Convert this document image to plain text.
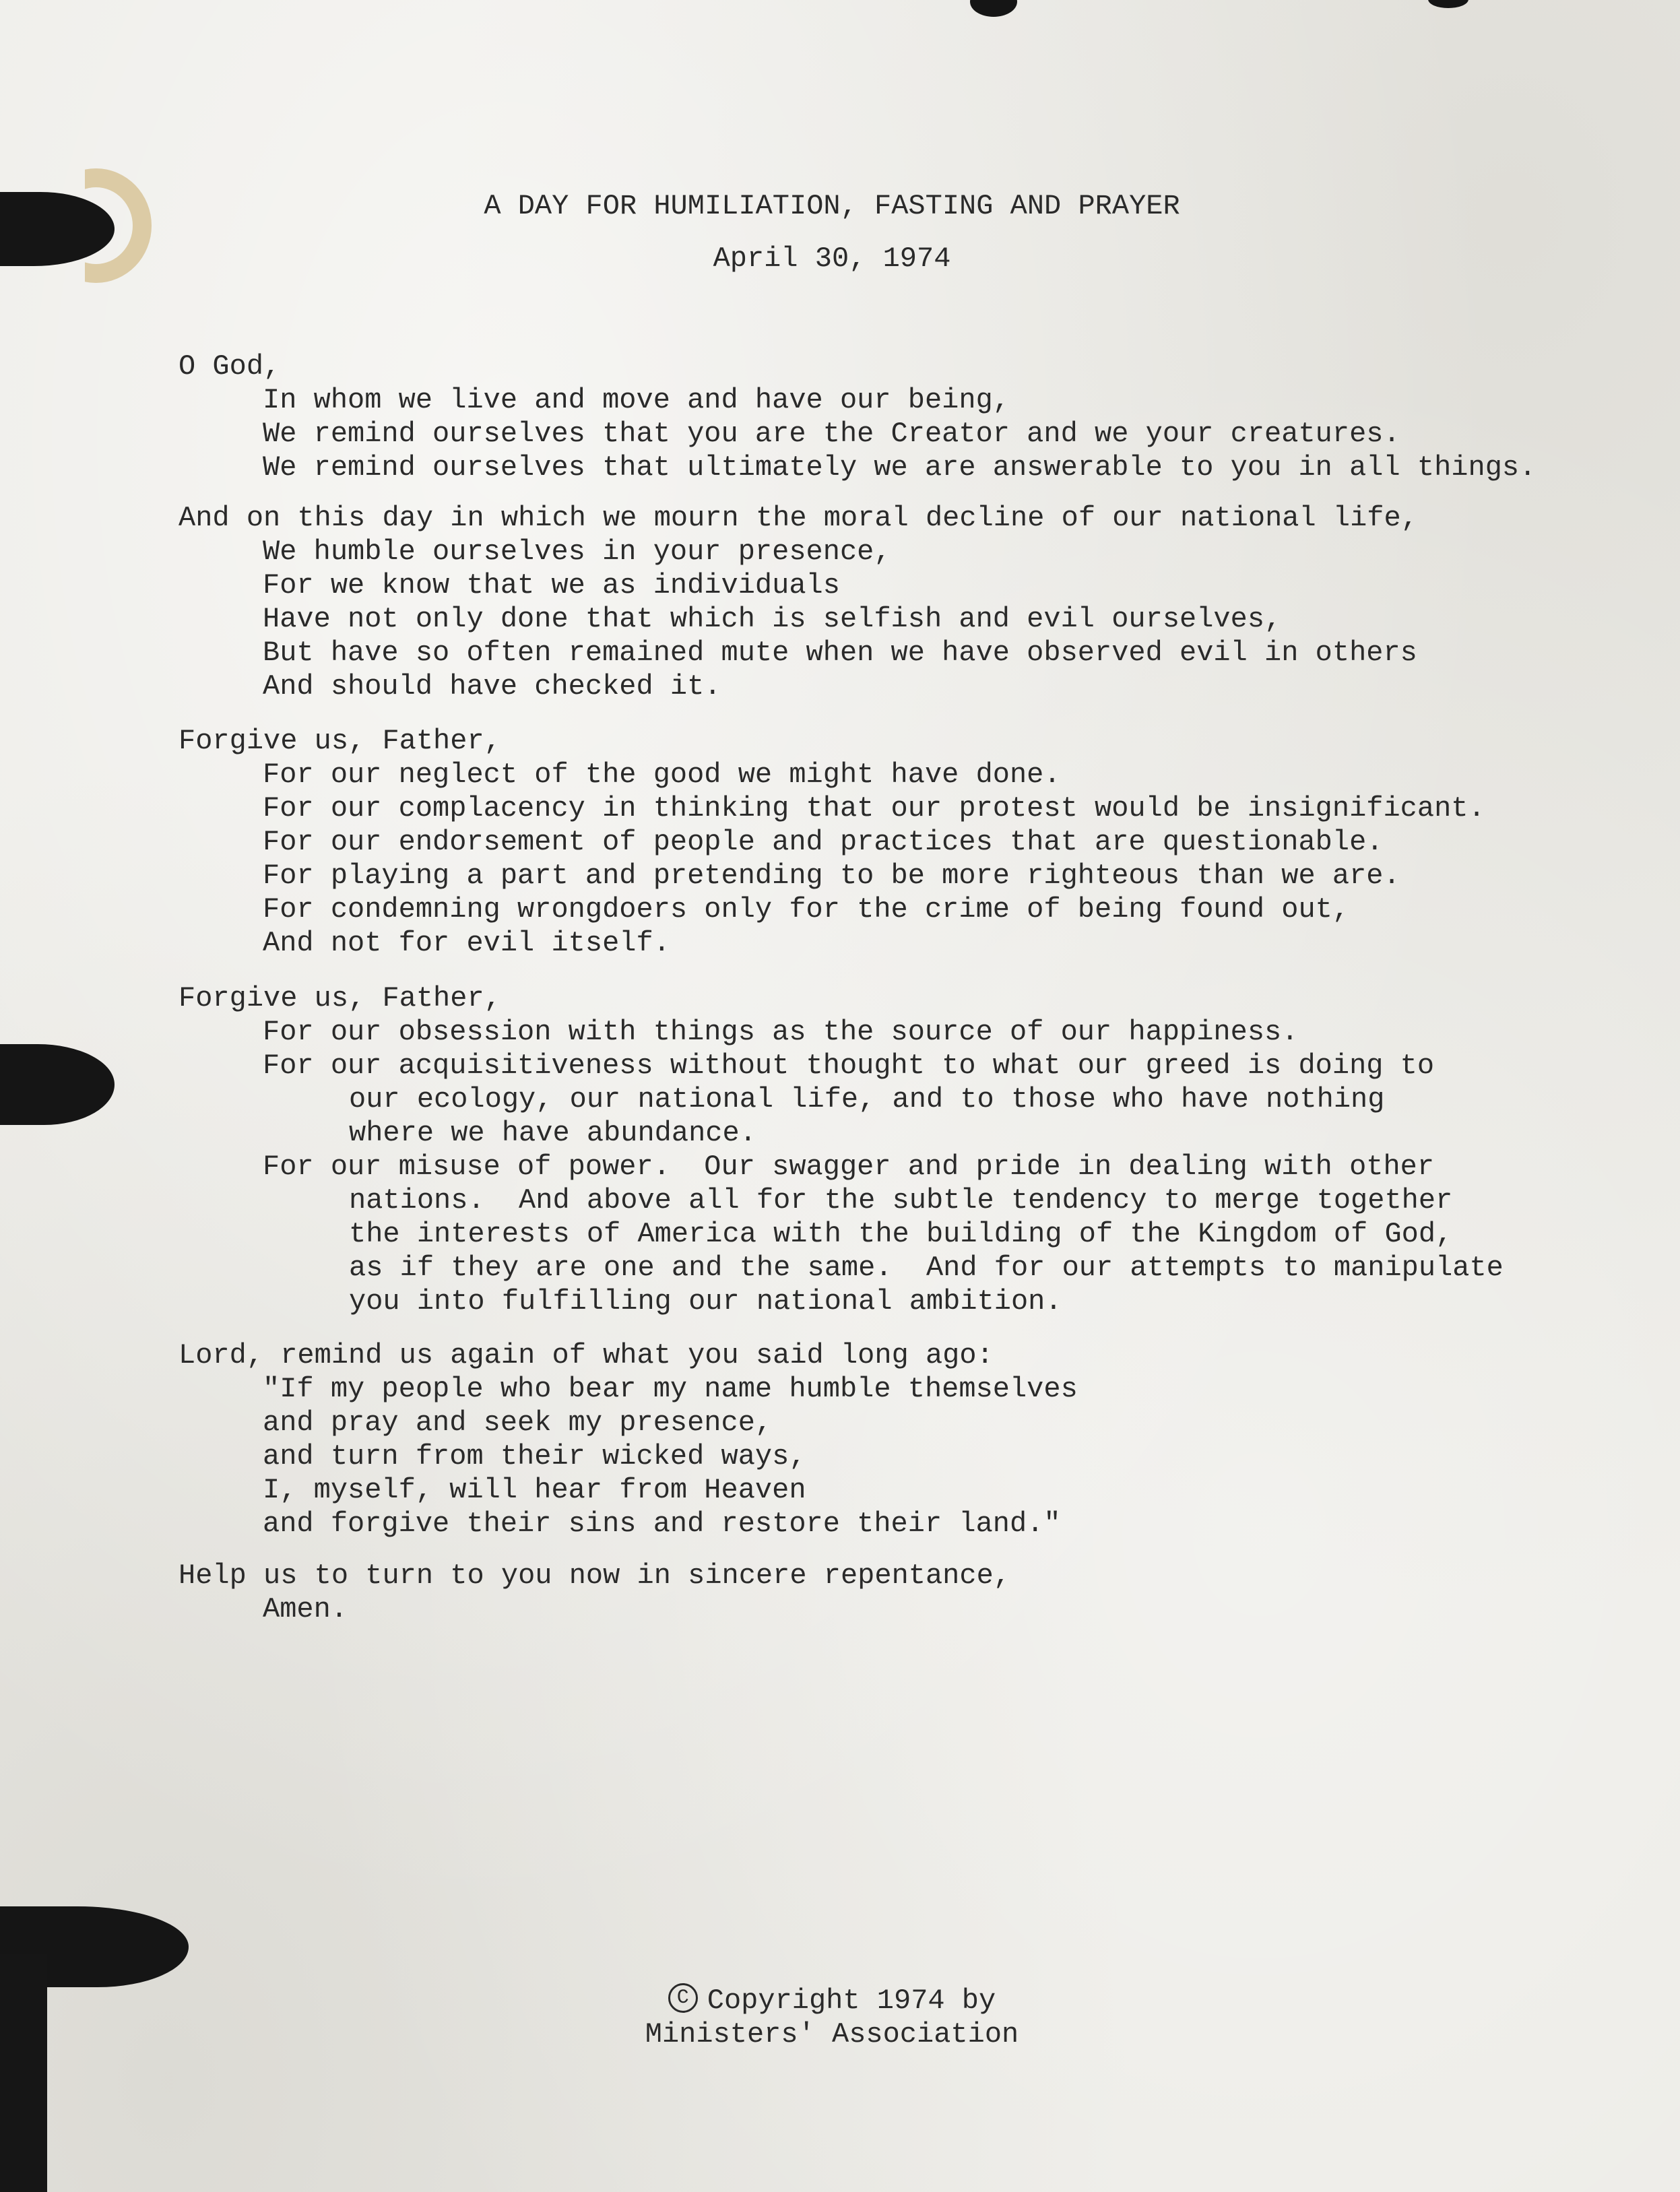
A DAY FOR HUMILIATION, FASTING AND PRAYER
April 30, 1974
O God,
In whom we live and move and have our being,
We remind ourselves that you are the Creator and we your creatures.
We remind ourselves that ultimately we are answerable to you in all things.
And on this day in which we mourn the moral decline of our national life,
We humble ourselves in your presence,
For we know that we as individuals
Have not only done that which is selfish and evil ourselves,
But have so often remained mute when we have observed evil in others
And should have checked it.
Forgive us, Father,
For our neglect of the good we might have done.
For our complacency in thinking that our protest would be insignificant.
For our endorsement of people and practices that are questionable.
For playing a part and pretending to be more righteous than we are.
For condemning wrongdoers only for the crime of being found out,
And not for evil itself.
Forgive us, Father,
For our obsession with things as the source of our happiness.
For our acquisitiveness without thought to what our greed is doing to
our ecology, our national life, and to those who have nothing
where we have abundance.
For our misuse of power.  Our swagger and pride in dealing with other
nations.  And above all for the subtle tendency to merge together
the interests of America with the building of the Kingdom of God,
as if they are one and the same.  And for our attempts to manipulate
you into fulfilling our national ambition.
Lord, remind us again of what you said long ago:
"If my people who bear my name humble themselves
and pray and seek my presence,
and turn from their wicked ways,
I, myself, will hear from Heaven
and forgive their sins and restore their land."
Help us to turn to you now in sincere repentance,
Amen.
C Copyright 1974 by
Ministers' Association
